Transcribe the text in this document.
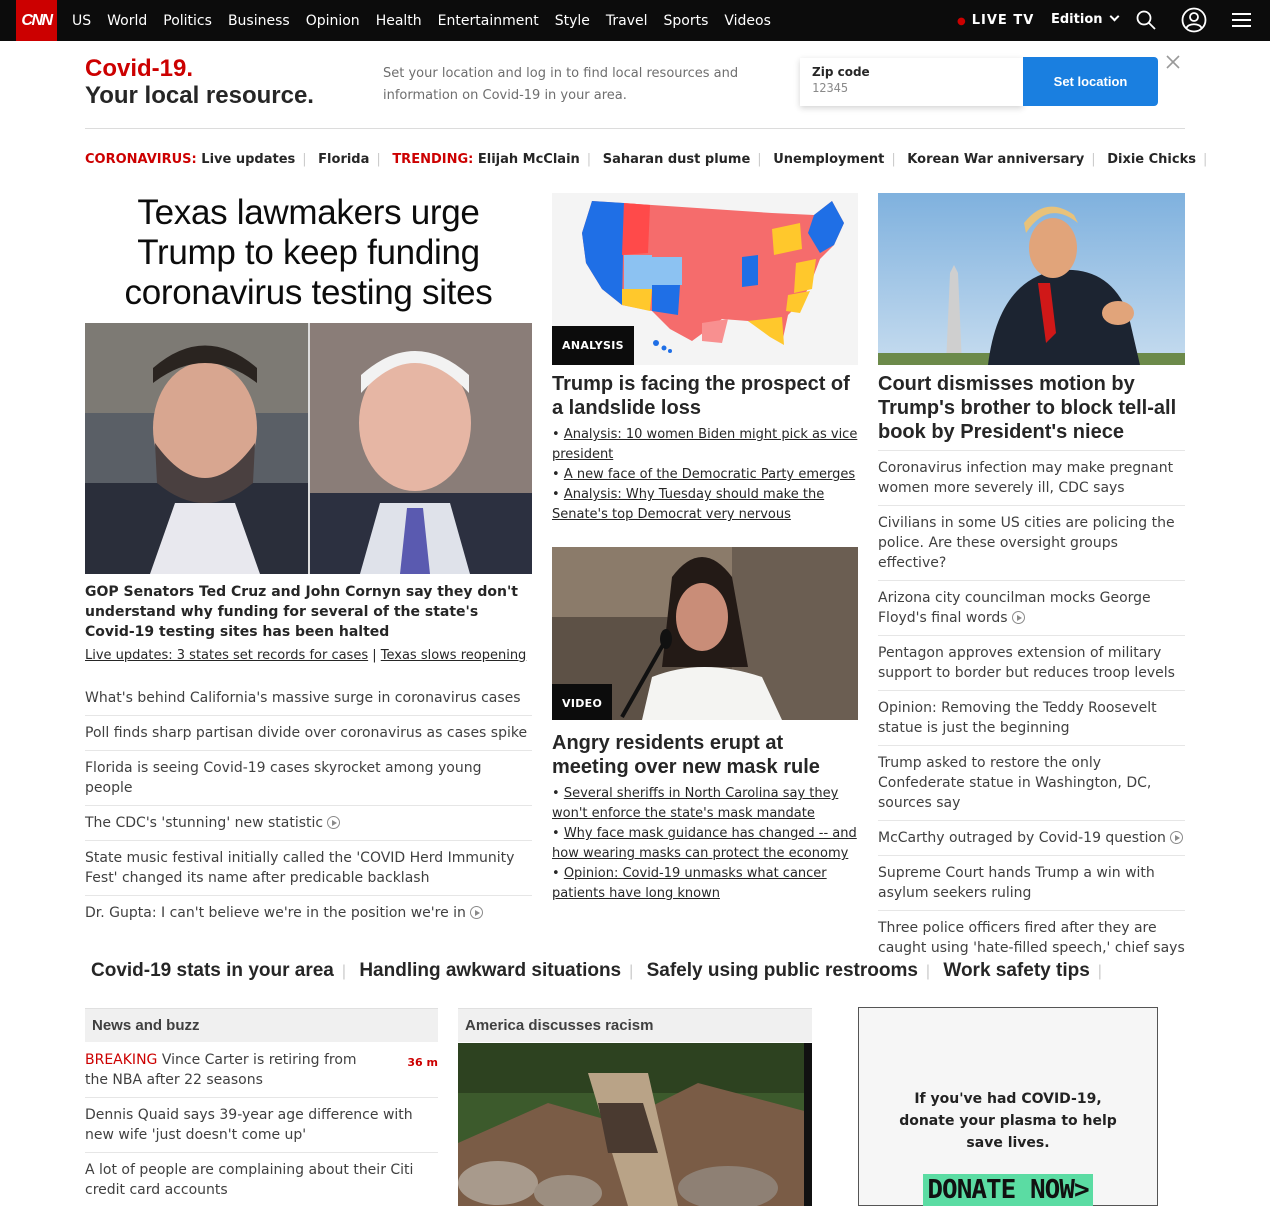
CNN	US World Politics Business Opinion Health Entertainment Style Travel Sports Videos	● LIVE TV Edition
Covid-19.
Your local resource.
Set your location and log in to find local resources and information on Covid-19 in your area.
Zip code
12345	Set location
CORONAVIRUS: Live updates | Florida | TRENDING: Elijah McClain | Saharan dust plume | Unemployment | Korean War anniversary | Dixie Chicks |
Texas lawmakers urge Trump to keep funding coronavirus testing sites
GOP Senators Ted Cruz and John Cornyn say they don't understand why funding for several of the state's Covid-19 testing sites has been halted
Live updates: 3 states set records for cases | Texas slows reopening
What's behind California's massive surge in coronavirus cases
Poll finds sharp partisan divide over coronavirus as cases spike
Florida is seeing Covid-19 cases skyrocket among young people
The CDC's 'stunning' new statistic
State music festival initially called the 'COVID Herd Immunity Fest' changed its name after predicable backlash
Dr. Gupta: I can't believe we're in the position we're in
ANALYSIS
Trump is facing the prospect of a landslide loss
• Analysis: 10 women Biden might pick as vice president
• A new face of the Democratic Party emerges
• Analysis: Why Tuesday should make the Senate's top Democrat very nervous
VIDEO
Angry residents erupt at meeting over new mask rule
• Several sheriffs in North Carolina say they won't enforce the state's mask mandate
• Why face mask guidance has changed -- and how wearing masks can protect the economy
• Opinion: Covid-19 unmasks what cancer patients have long known
Court dismisses motion by Trump's brother to block tell-all book by President's niece
Coronavirus infection may make pregnant women more severely ill, CDC says
Civilians in some US cities are policing the police. Are these oversight groups effective?
Arizona city councilman mocks George Floyd's final words
Pentagon approves extension of military support to border but reduces troop levels
Opinion: Removing the Teddy Roosevelt statue is just the beginning
Trump asked to restore the only Confederate statue in Washington, DC, sources say
McCarthy outraged by Covid-19 question
Supreme Court hands Trump a win with asylum seekers ruling
Three police officers fired after they are caught using 'hate-filled speech,' chief says
Covid-19 stats in your area | Handling awkward situations | Safely using public restrooms | Work safety tips |
News and buzz
BREAKING Vince Carter is retiring from the NBA after 22 seasons
36 m
Dennis Quaid says 39-year age difference with new wife 'just doesn't come up'
A lot of people are complaining about their Citi credit card accounts
America discusses racism
If you've had COVID-19, donate your plasma to help save lives.
DONATE NOW>
